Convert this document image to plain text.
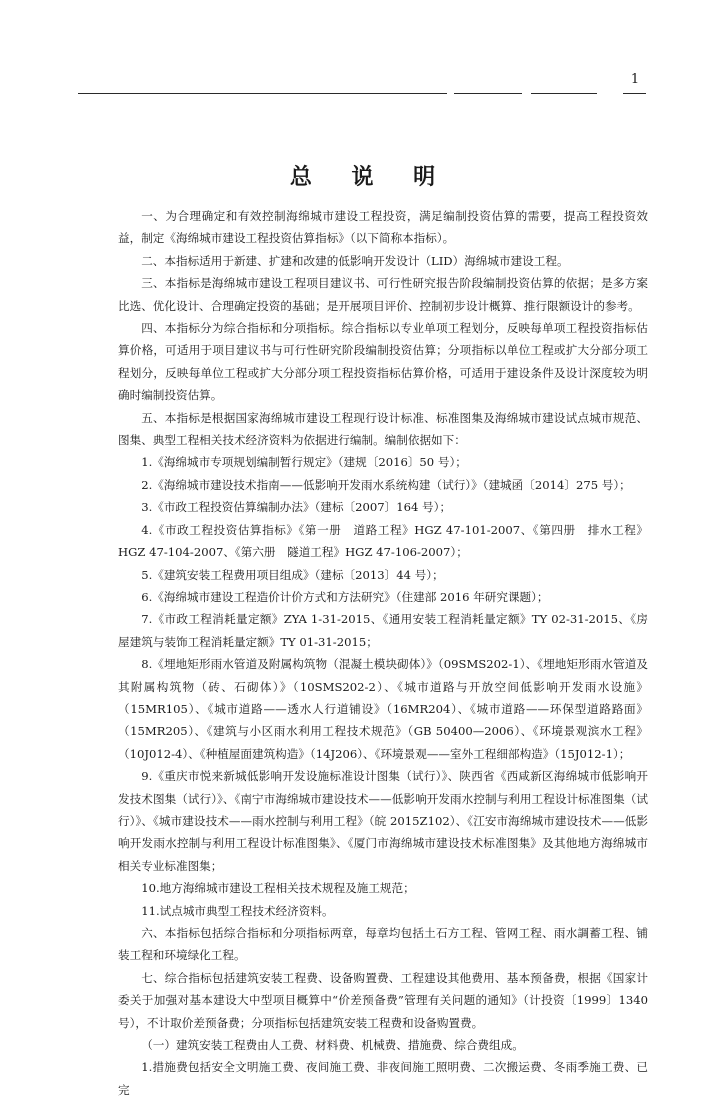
1
总 说 明

一、为合理确定和有效控制海绵城市建设工程投资，满足编制投资估算的需要，提高工程投资效益，制定《海绵城市建设工程投资估算指标》（以下简称本指标）。

二、本指标适用于新建、扩建和改建的低影响开发设计（LID）海绵城市建设工程。

三、本指标是海绵城市建设工程项目建议书、可行性研究报告阶段编制投资估算的依据；是多方案比选、优化设计、合理确定投资的基础；是开展项目评价、控制初步设计概算、推行限额设计的参考。

四、本指标分为综合指标和分项指标。综合指标以专业单项工程划分，反映每单项工程投资指标估算价格，可适用于项目建议书与可行性研究阶段编制投资估算；分项指标以单位工程或扩大分部分项工程划分，反映每单位工程或扩大分部分项工程投资指标估算价格，可适用于建设条件及设计深度较为明确时编制投资估算。

五、本指标是根据国家海绵城市建设工程现行设计标准、标准图集及海绵城市建设试点城市规范、图集、典型工程相关技术经济资料为依据进行编制。编制依据如下：

1.《海绵城市专项规划编制暂行规定》（建规〔2016〕50 号）；

2.《海绵城市建设技术指南——低影响开发雨水系统构建（试行）》（建城函〔2014〕275 号）；

3.《市政工程投资估算编制办法》（建标〔2007〕164 号）；

4.《市政工程投资估算指标》《第一册　道路工程》HGZ 47-101-2007、《第四册　排水工程》HGZ 47-104-2007、《第六册　隧道工程》HGZ 47-106-2007）；

5.《建筑安装工程费用项目组成》（建标〔2013〕44 号）；

6.《海绵城市建设工程造价计价方式和方法研究》（住建部 2016 年研究课题）；

7.《市政工程消耗量定额》ZYA 1-31-2015、《通用安装工程消耗量定额》TY 02-31-2015、《房屋建筑与装饰工程消耗量定额》TY 01-31-2015；

8.《埋地矩形雨水管道及附属构筑物（混凝土模块砌体）》（09SMS202-1）、《埋地矩形雨水管道及其附属构筑物（砖、石砌体）》（10SMS202-2）、《城市道路与开放空间低影响开发雨水设施》（15MR105）、《城市道路——透水人行道铺设》（16MR204）、《城市道路——环保型道路路面》（15MR205）、《建筑与小区雨水利用工程技术规范》（GB 50400—2006）、《环境景观滨水工程》（10J012-4）、《种植屋面建筑构造》（14J206）、《环境景观——室外工程细部构造》（15J012-1）；

9.《重庆市悦来新城低影响开发设施标准设计图集（试行）》、陕西省《西咸新区海绵城市低影响开发技术图集（试行）》、《南宁市海绵城市建设技术——低影响开发雨水控制与利用工程设计标准图集（试行）》、《城市建设技术——雨水控制与利用工程》（皖 2015Z102）、《江安市海绵城市建设技术——低影响开发雨水控制与利用工程设计标准图集》、《厦门市海绵城市建设技术标准图集》及其他地方海绵城市相关专业标准图集；

10.地方海绵城市建设工程相关技术规程及施工规范；

11.试点城市典型工程技术经济资料。

六、本指标包括综合指标和分项指标两章，每章均包括土石方工程、管网工程、雨水調蓄工程、铺装工程和环境绿化工程。

七、综合指标包括建筑安装工程费、设备购置费、工程建设其他费用、基本预备费，根据《国家计委关于加强对基本建设大中型项目概算中“价差预备费”管理有关问题的通知》（计投资〔1999〕1340 号），不计取价差预备费；分项指标包括建筑安装工程费和设备购置费。

（一）建筑安装工程费由人工费、材料费、机械费、措施费、综合费组成。

1.措施费包括安全文明施工费、夜间施工费、非夜间施工照明费、二次搬运费、冬雨季施工费、已完
